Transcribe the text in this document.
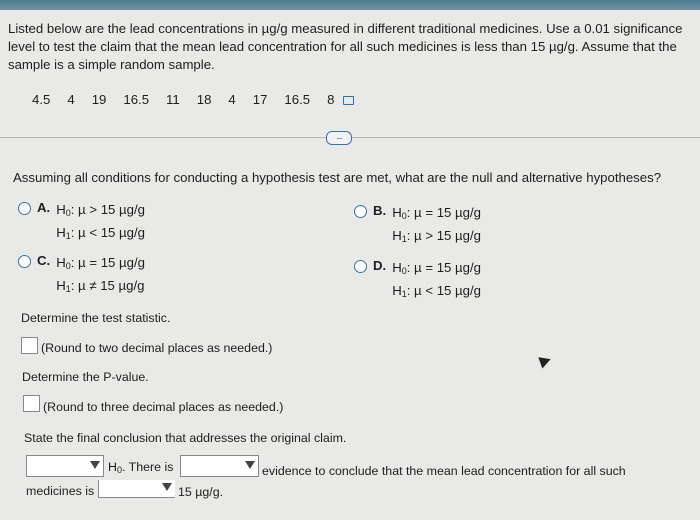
Listed below are the lead concentrations in µg/g measured in different traditional medicines. Use a 0.01 significance level to test the claim that the mean lead concentration for all such medicines is less than 15 µg/g. Assume that the sample is a simple random sample.
4.5 4 19 16.5 11 18 4 17 16.5 8
....
Assuming all conditions for conducting a hypothesis test are met, what are the null and alternative hypotheses?
A. $H_0$: µ > 15 µg/g
$H_1$: µ < 15 µg/g
B. $H_0$: µ = 15 µg/g
$H_1$: µ > 15 µg/g
C. $H_0$: µ = 15 µg/g
$H_1$: µ ≠ 15 µg/g
D. $H_0$: µ = 15 µg/g
$H_1$: µ < 15 µg/g
Determine the test statistic.
(Round to two decimal places as needed.)
Determine the P-value.
(Round to three decimal places as needed.)
State the final conclusion that addresses the original claim.
$H_0$. There is	evidence to conclude that the mean lead concentration for all such
medicines is	15 µg/g.
